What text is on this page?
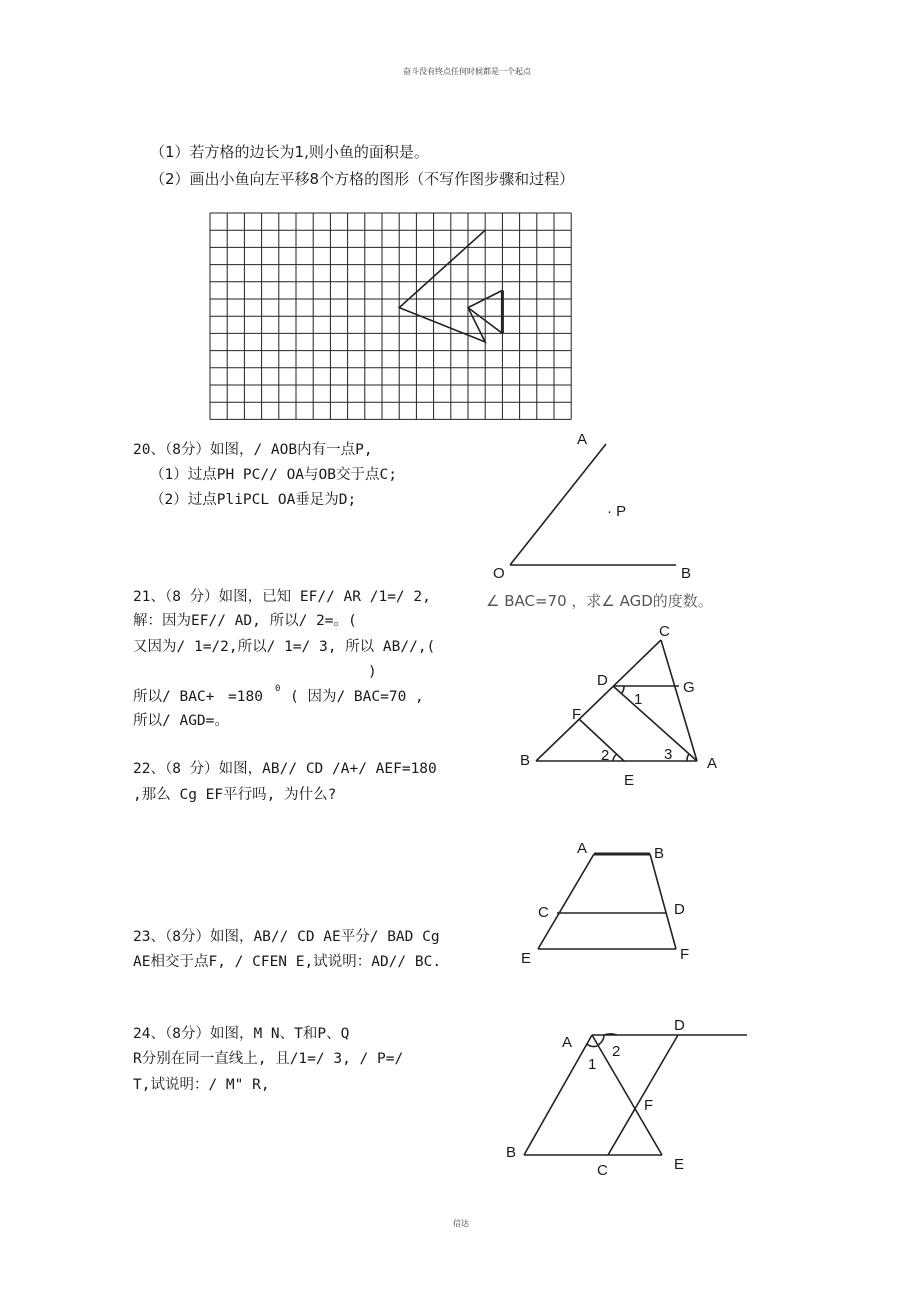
奋斗没有终点任何时候都是一个起点
信达
（1）若方格的边长为1,则小鱼的面积是。
（2）画出小鱼向左平移8个方格的图形（不写作图步骤和过程）
20、（8分）如图，/ AOB内有一点P,
（1）过点PH PC// OA与OB交于点C;
（2）过点PliPCL OA垂足为D;
A
· P
O	B
21、（8 分）如图，已知 EF// AR /1=/ 2,	∠ BAC=70 ，求∠ AGD的度数。
解：因为EF// AD, 所以/ 2=。(
又因为/ 1=/2,所以/ 1=/ 3, 所以 AB//,(
)
所以/ BAC+ =180 0 ( 因为/ BAC=70 ,
所以/ AGD=。
C
D	G
1
F
2	3
B	A
E
22、（8 分）如图，AB// CD /A+/ AEF=180
,那么 Cg EF平行吗, 为什么?
A	B
C	D
E	F
23、（8分）如图，AB// CD AE平分/ BAD Cg
AE相交于点F, / CFEN E,试说明：AD// BC.
24、（8分）如图，M N、T和P、Q
R分别在同一直线上, 且/1=/ 3, / P=/
T,试说明：/ M" R,
A
D
1
2
F
B
C	E
